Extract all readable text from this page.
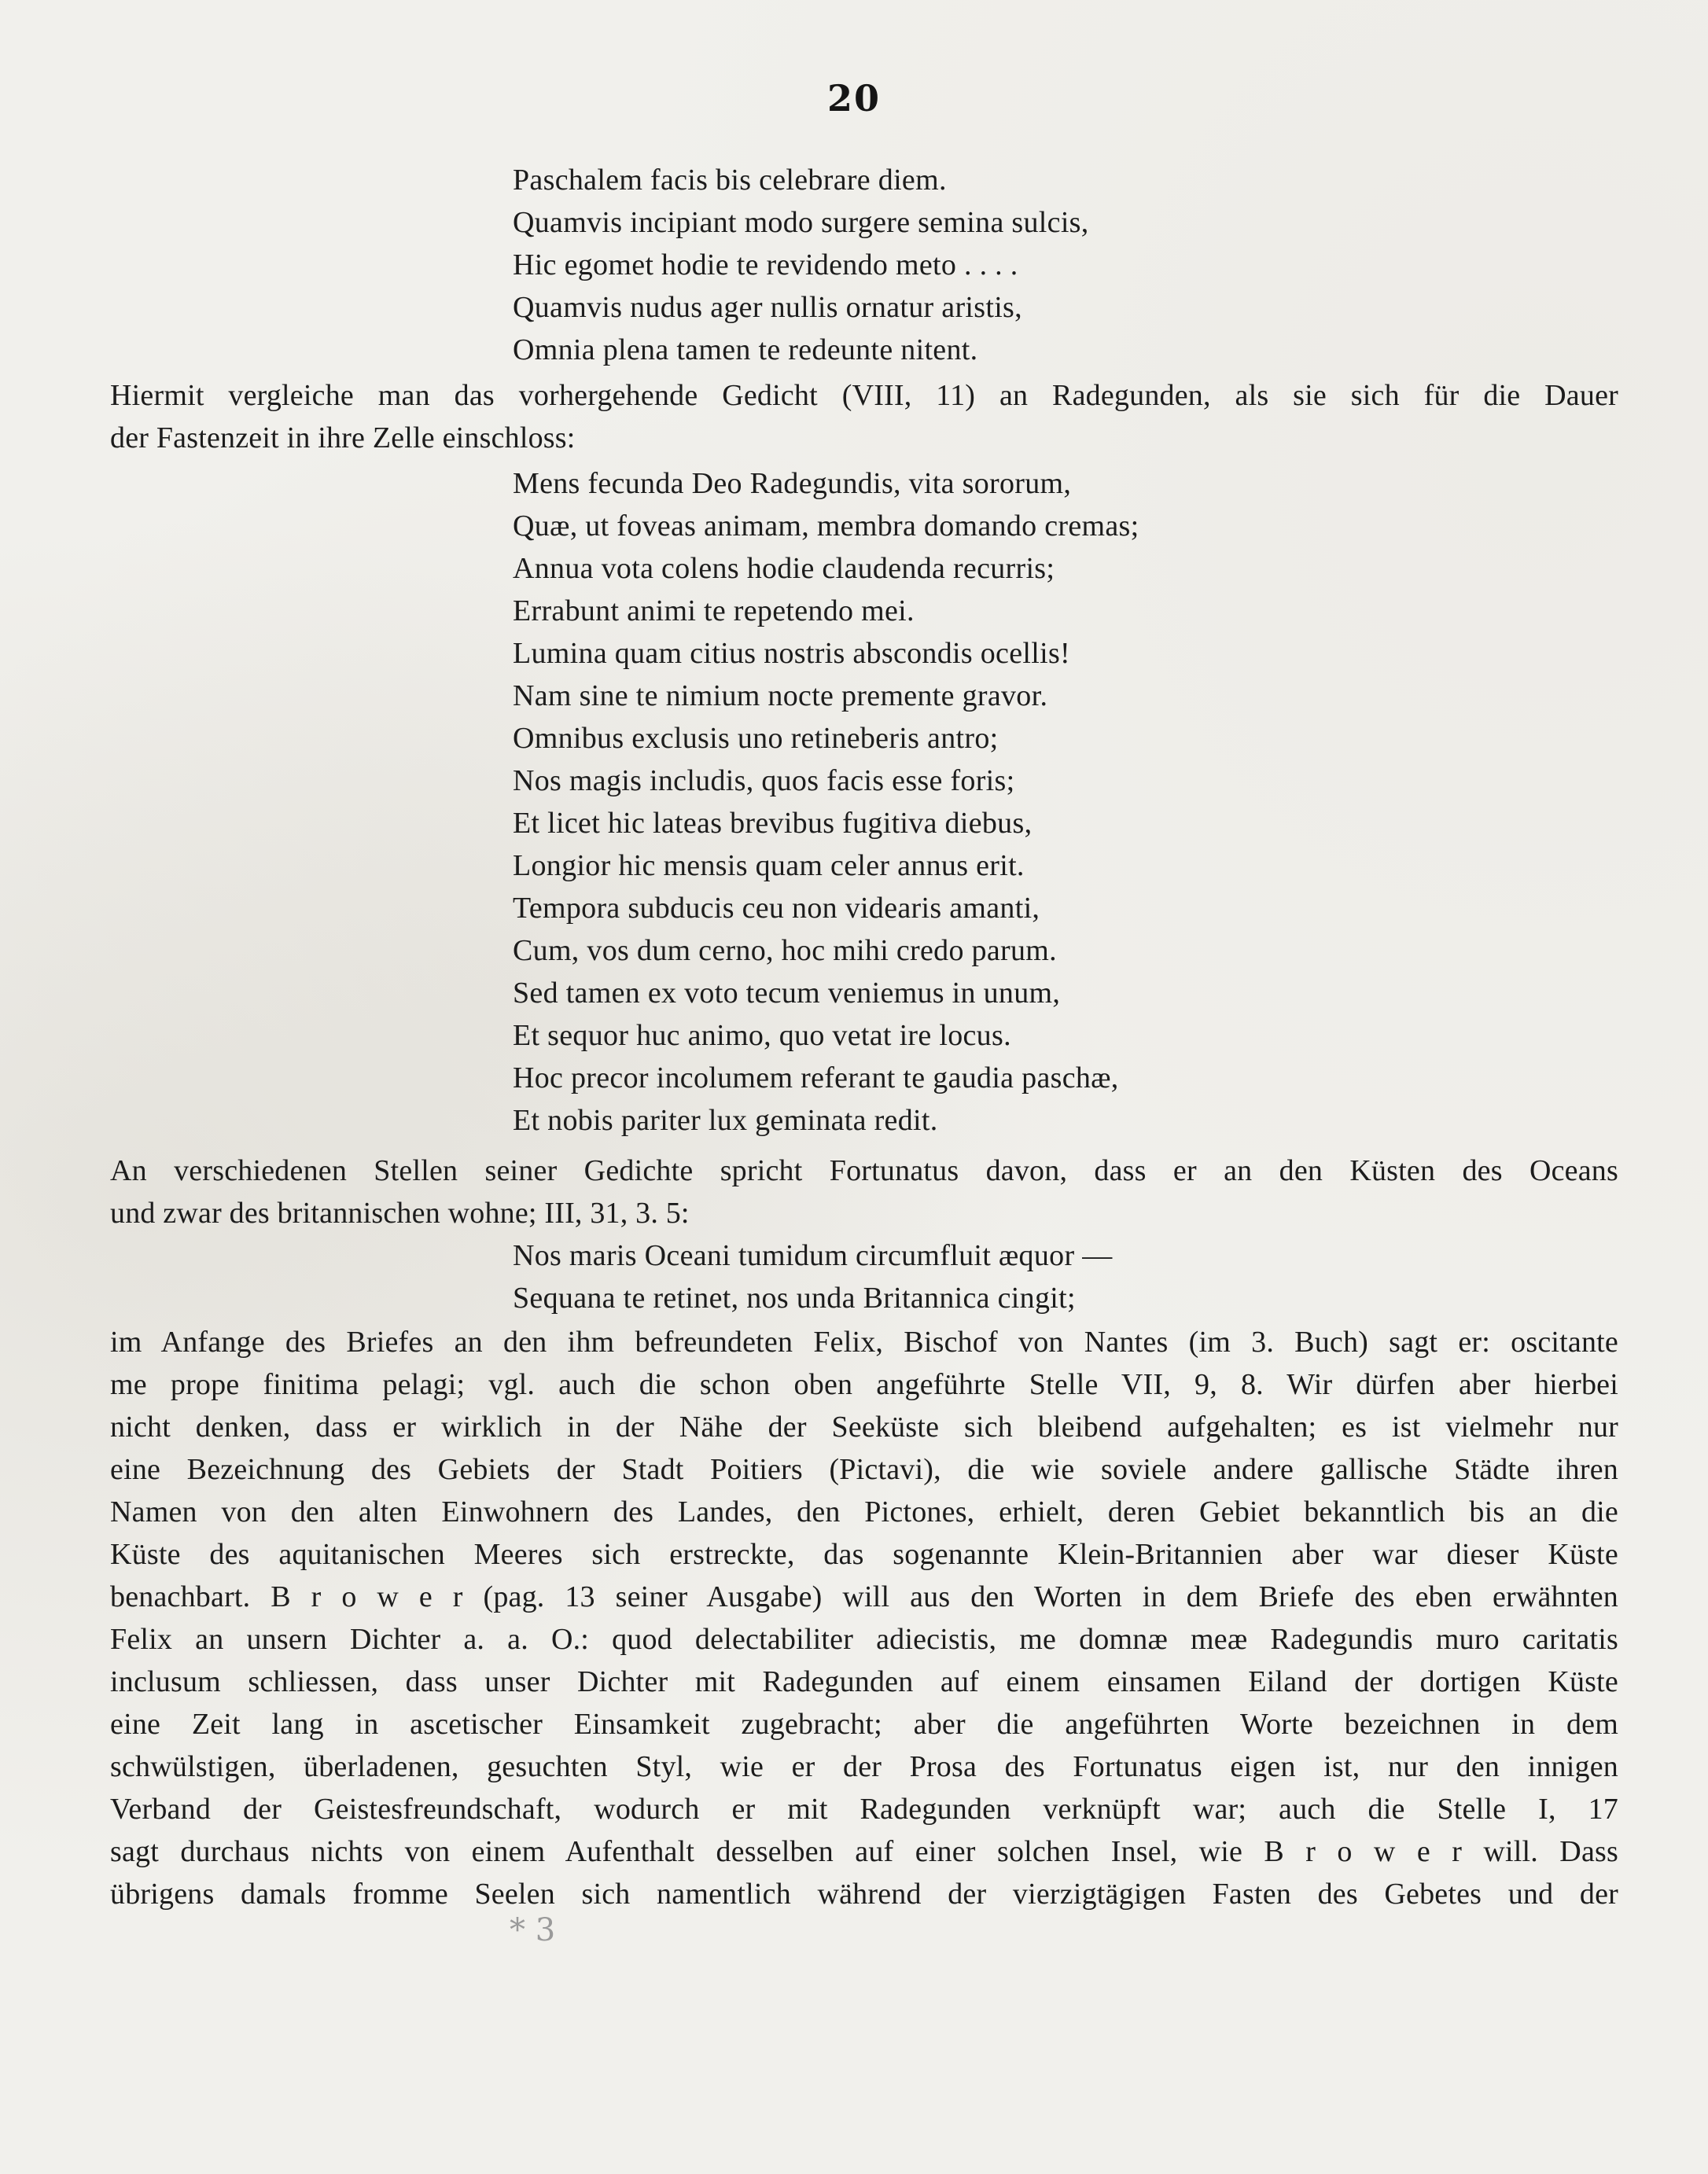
20
Paschalem facis bis celebrare diem.
Quamvis incipiant modo surgere semina sulcis,
Hic egomet hodie te revidendo meto . . . .
Quamvis nudus ager nullis ornatur aristis,
Omnia plena tamen te redeunte nitent.
Hiermit vergleiche man das vorhergehende Gedicht (VIII, 11) an Radegunden, als sie sich für die Dauer
der Fastenzeit in ihre Zelle einschloss:
Mens fecunda Deo Radegundis, vita sororum,
Quæ, ut foveas animam, membra domando cremas;
Annua vota colens hodie claudenda recurris;
Errabunt animi te repetendo mei.
Lumina quam citius nostris abscondis ocellis!
Nam sine te nimium nocte premente gravor.
Omnibus exclusis uno retineberis antro;
Nos magis includis, quos facis esse foris;
Et licet hic lateas brevibus fugitiva diebus,
Longior hic mensis quam celer annus erit.
Tempora subducis ceu non videaris amanti,
Cum, vos dum cerno, hoc mihi credo parum.
Sed tamen ex voto tecum veniemus in unum,
Et sequor huc animo, quo vetat ire locus.
Hoc precor incolumem referant te gaudia paschæ,
Et nobis pariter lux geminata redit.
An verschiedenen Stellen seiner Gedichte spricht Fortunatus davon, dass er an den Küsten des Oceans
und zwar des britannischen wohne; III, 31, 3. 5:
Nos maris Oceani tumidum circumfluit æquor —
Sequana te retinet, nos unda Britannica cingit;
im Anfange des Briefes an den ihm befreundeten Felix, Bischof von Nantes (im 3. Buch) sagt er: oscitante
me prope finitima pelagi; vgl. auch die schon oben angeführte Stelle VII, 9, 8. Wir dürfen aber hierbei
nicht denken, dass er wirklich in der Nähe der Seeküste sich bleibend aufgehalten; es ist vielmehr nur
eine Bezeichnung des Gebiets der Stadt Poitiers (Pictavi), die wie soviele andere gallische Städte ihren
Namen von den alten Einwohnern des Landes, den Pictones, erhielt, deren Gebiet bekanntlich bis an die
Küste des aquitanischen Meeres sich erstreckte, das sogenannte Klein-Britannien aber war dieser Küste
benachbart. B r o w e r (pag. 13 seiner Ausgabe) will aus den Worten in dem Briefe des eben erwähnten
Felix an unsern Dichter a. a. O.: quod delectabiliter adiecistis, me domnæ meæ Radegundis muro caritatis
inclusum schliessen, dass unser Dichter mit Radegunden auf einem einsamen Eiland der dortigen Küste
eine Zeit lang in ascetischer Einsamkeit zugebracht; aber die angeführten Worte bezeichnen in dem
schwülstigen, überladenen, gesuchten Styl, wie er der Prosa des Fortunatus eigen ist, nur den innigen
Verband der Geistesfreundschaft, wodurch er mit Radegunden verknüpft war; auch die Stelle I, 17
sagt durchaus nichts von einem Aufenthalt desselben auf einer solchen Insel, wie B r o w e r will. Dass
übrigens damals fromme Seelen sich namentlich während der vierzigtägigen Fasten des Gebetes und der
* 3
